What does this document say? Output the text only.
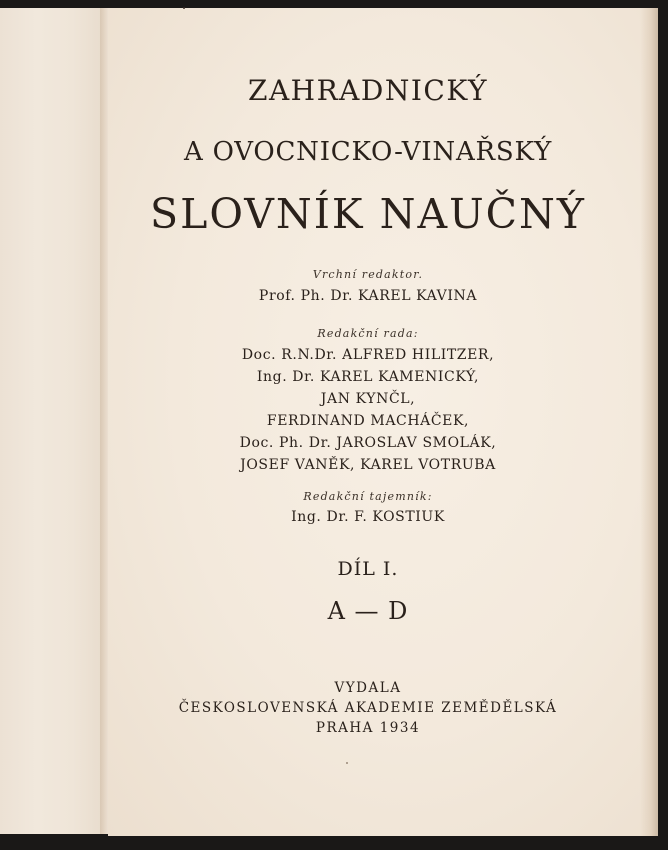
ZAHRADNICKÝ
A OVOCNICKO-VINAŘSKÝ
SLOVNÍK NAUČNÝ
Vrchní redaktor.
Prof. Ph. Dr. KAREL KAVINA
Redakční rada:
Doc. R.N.Dr. ALFRED HILITZER,
Ing. Dr. KAREL KAMENICKÝ,
JAN KYNČL,
FERDINAND MACHÁČEK,
Doc. Ph. Dr. JAROSLAV SMOLÁK,
JOSEF VANĚK, KAREL VOTRUBA
Redakční tajemník:
Ing. Dr. F. KOSTIUK
DÍL I.
A — D
VYDALA
ČESKOSLOVENSKÁ AKADEMIE ZEMĚDĚLSKÁ
PRAHA 1934
